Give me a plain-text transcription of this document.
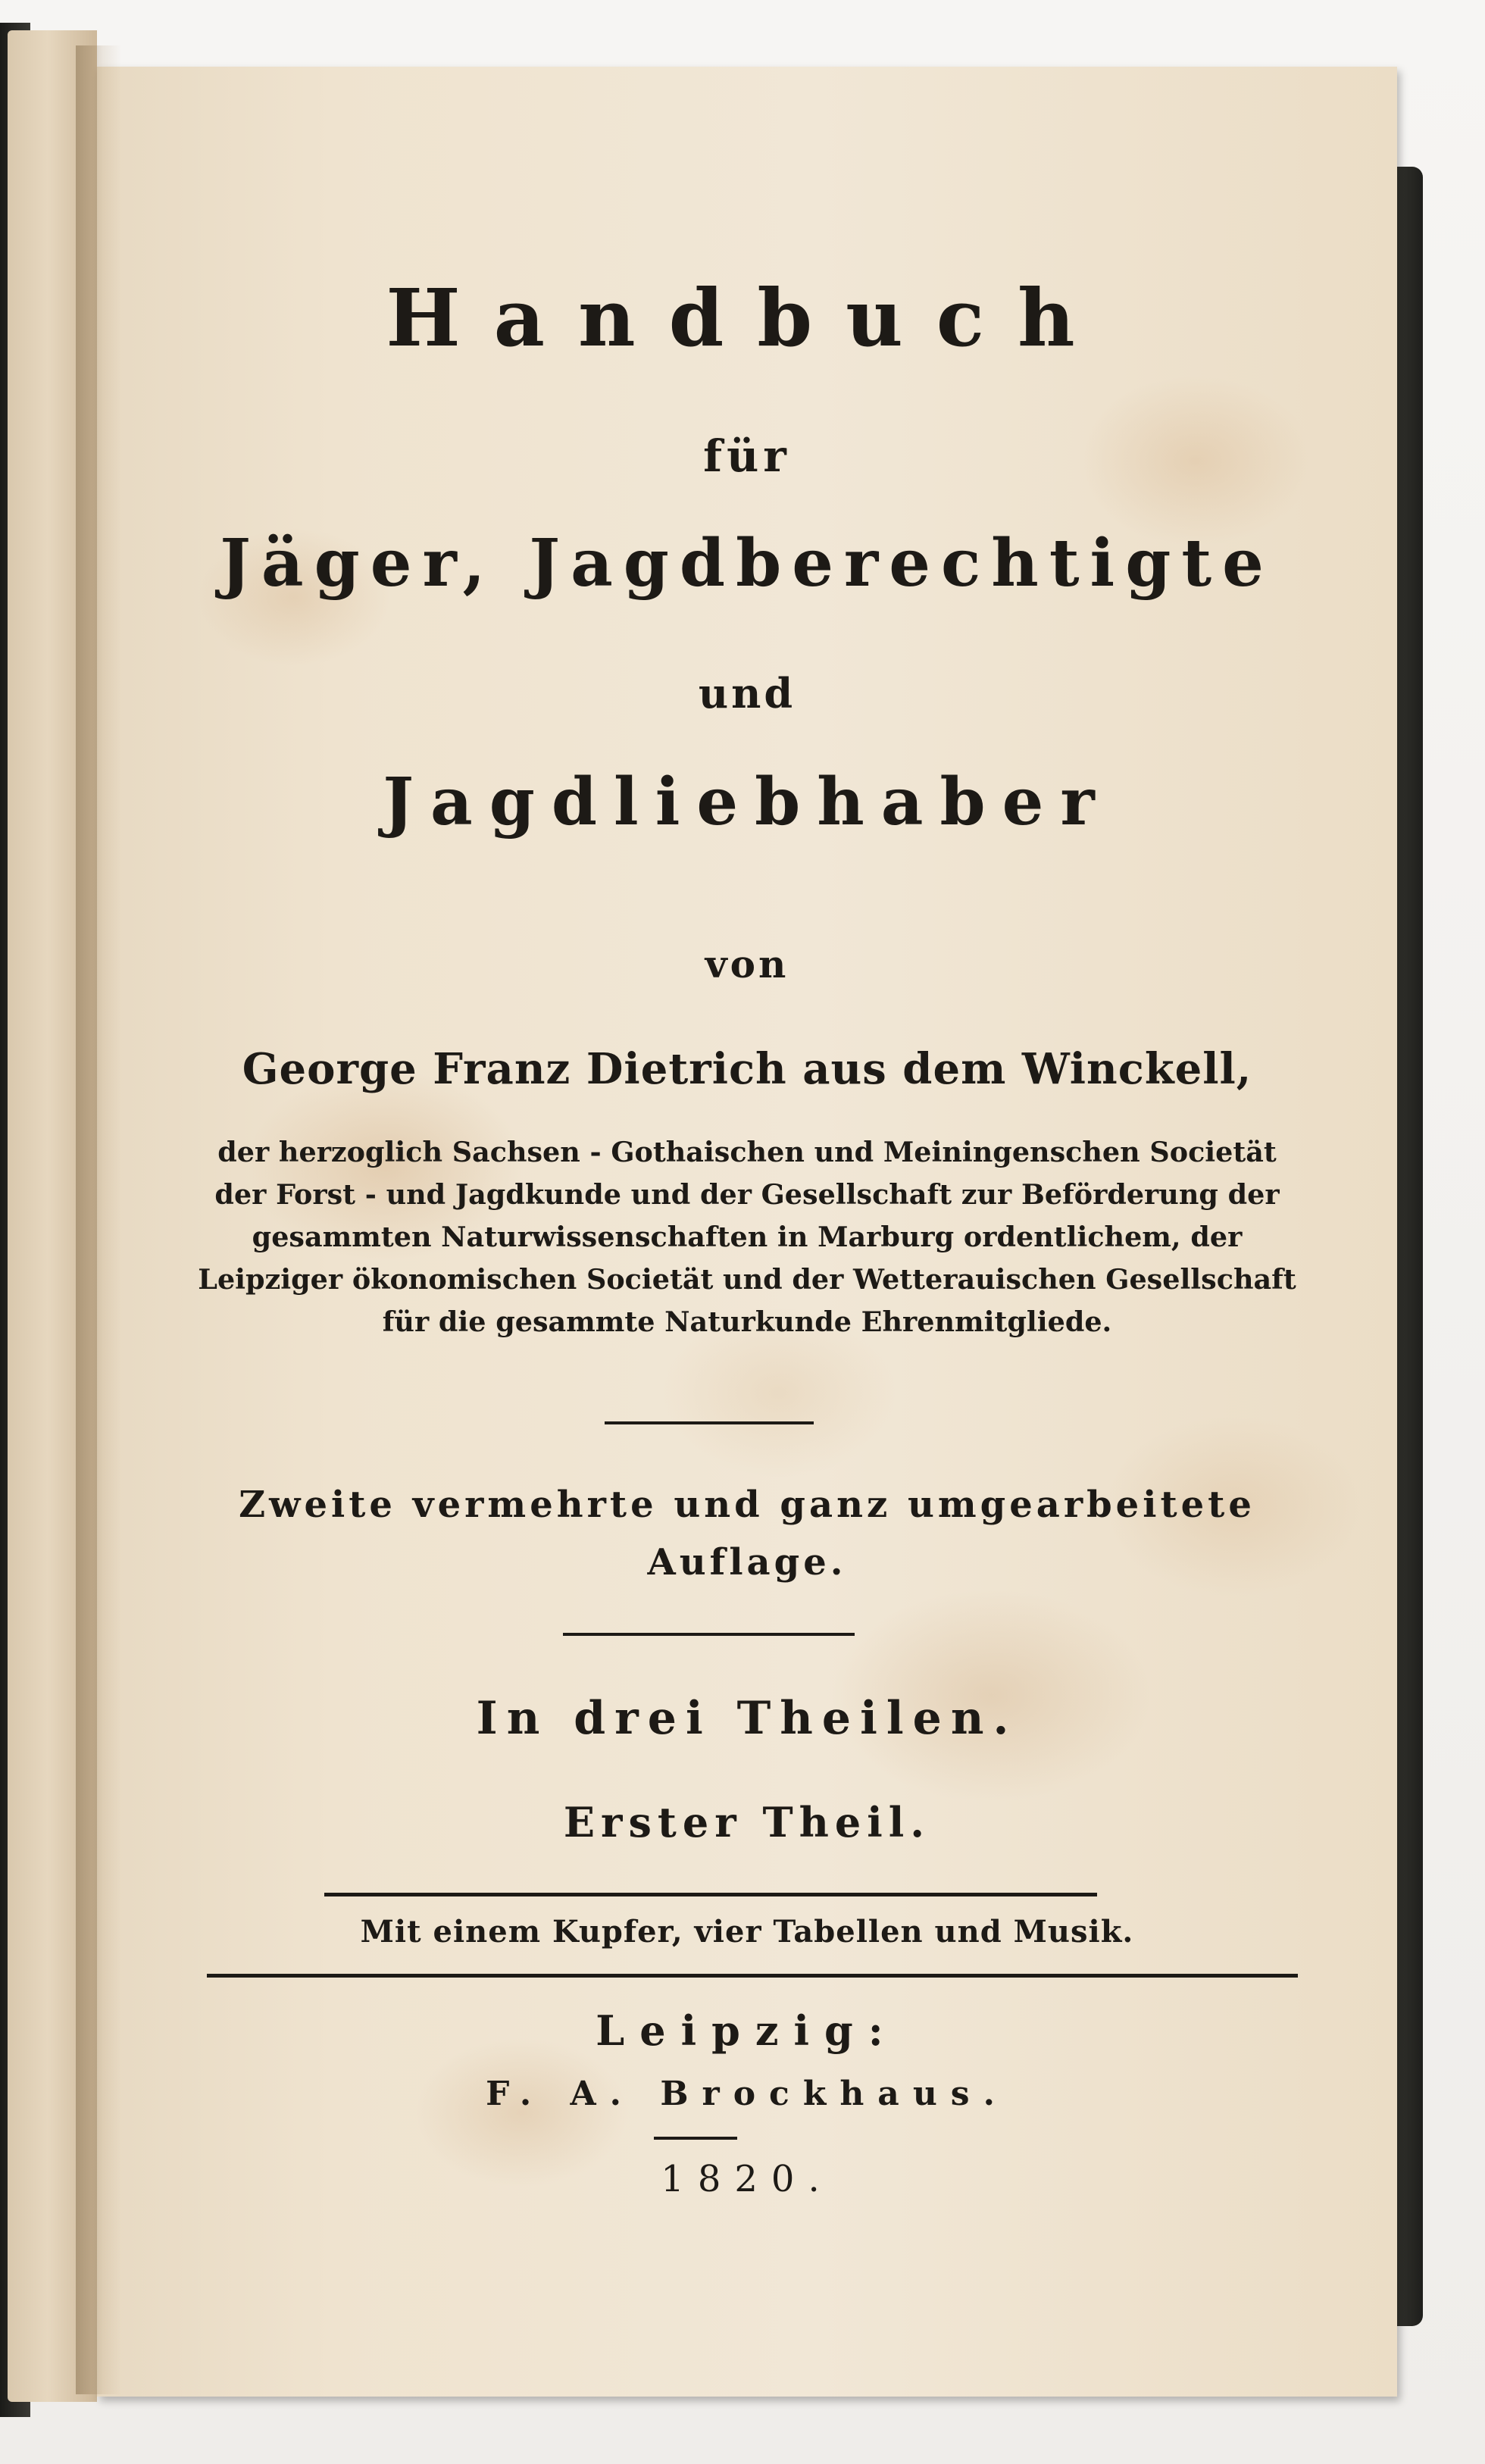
Handbuch
für
Jäger, Jagdberechtigte
und
Jagdliebhaber
von
George Franz Dietrich aus dem Winckell,
der herzoglich Sachsen - Gothaischen und Meiningenschen Societät der Forst - und Jagdkunde und der Gesellschaft zur Beförderung der gesammten Naturwissenschaften in Marburg ordentlichem, der Leipziger ökonomischen Societät und der Wetterauischen Gesellschaft für die gesammte Naturkunde Ehrenmitgliede.
Zweite vermehrte und ganz umgearbeitete Auflage.
In drei Theilen.
Erster Theil.
Mit einem Kupfer, vier Tabellen und Musik.
Leipzig:
F. A. Brockhaus.
1820.
